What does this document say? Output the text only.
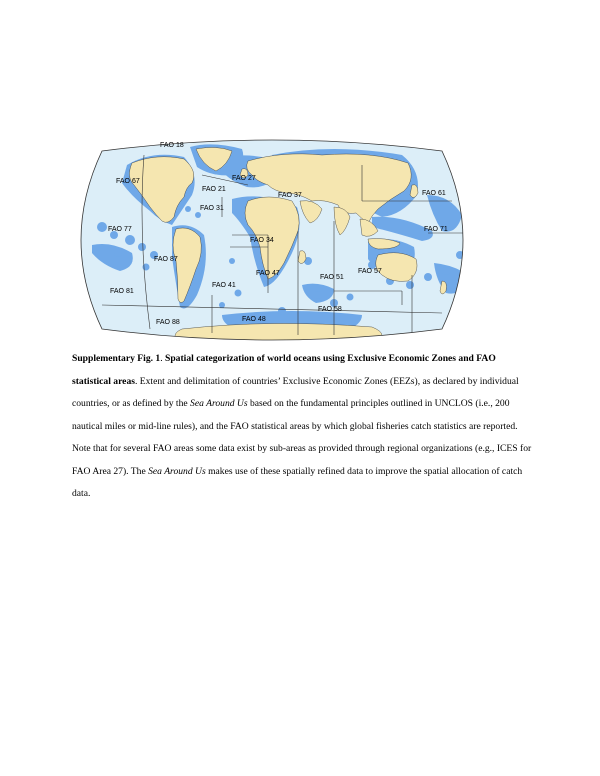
FAO 18
FAO 27
FAO 67
FAO 21
FAO 37	FAO 61
FAO 31
FAO 77	FAO 71
FAO 34
FAO 87
FAO 47
FAO 51
FAO 57
FAO 41
FAO 81
FAO 58
FAO 88	FAO 48
Supplementary Fig. 1. Spatial categorization of world oceans using Exclusive Economic Zones and FAO statistical areas. Extent and delimitation of countries’ Exclusive Economic Zones (EEZs), as declared by individual countries, or as defined by the Sea Around Us based on the fundamental principles outlined in UNCLOS (i.e., 200 nautical miles or mid-line rules), and the FAO statistical areas by which global fisheries catch statistics are reported. Note that for several FAO areas some data exist by sub-areas as provided through regional organizations (e.g., ICES for FAO Area 27). The Sea Around Us makes use of these spatially refined data to improve the spatial allocation of catch data.
